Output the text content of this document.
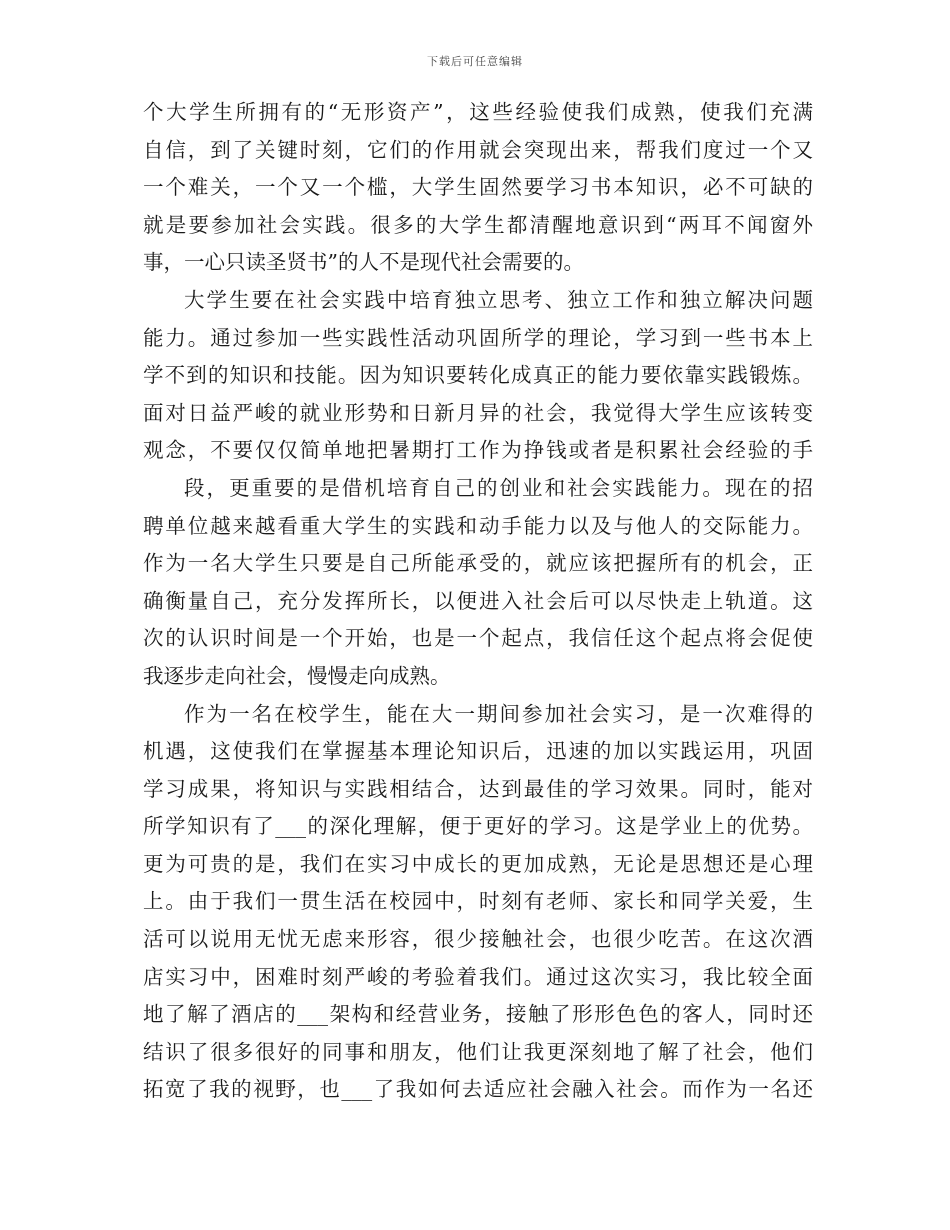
下载后可任意编辑
个大学生所拥有的“无形资产”，这些经验使我们成熟，使我们充满
自信，到了关键时刻，它们的作用就会突现出来，帮我们度过一个又
一个难关，一个又一个槛，大学生固然要学习书本知识，必不可缺的
就是要参加社会实践。很多的大学生都清醒地意识到“两耳不闻窗外
事，一心只读圣贤书”的人不是现代社会需要的。
大学生要在社会实践中培育独立思考、独立工作和独立解决问题
能力。通过参加一些实践性活动巩固所学的理论，学习到一些书本上
学不到的知识和技能。因为知识要转化成真正的能力要依靠实践锻炼。
面对日益严峻的就业形势和日新月异的社会，我觉得大学生应该转变
观念，不要仅仅简单地把暑期打工作为挣钱或者是积累社会经验的手
段，更重要的是借机培育自己的创业和社会实践能力。现在的招
聘单位越来越看重大学生的实践和动手能力以及与他人的交际能力。
作为一名大学生只要是自己所能承受的，就应该把握所有的机会，正
确衡量自己，充分发挥所长，以便进入社会后可以尽快走上轨道。这
次的认识时间是一个开始，也是一个起点，我信任这个起点将会促使
我逐步走向社会，慢慢走向成熟。
作为一名在校学生，能在大一期间参加社会实习，是一次难得的
机遇，这使我们在掌握基本理论知识后，迅速的加以实践运用，巩固
学习成果，将知识与实践相结合，达到最佳的学习效果。同时，能对
所学知识有了___的深化理解，便于更好的学习。这是学业上的优势。
更为可贵的是，我们在实习中成长的更加成熟，无论是思想还是心理
上。由于我们一贯生活在校园中，时刻有老师、家长和同学关爱，生
活可以说用无忧无虑来形容，很少接触社会，也很少吃苦。在这次酒
店实习中，困难时刻严峻的考验着我们。通过这次实习，我比较全面
地了解了酒店的___架构和经营业务，接触了形形色色的客人，同时还
结识了很多很好的同事和朋友，他们让我更深刻地了解了社会，他们
拓宽了我的视野，也___了我如何去适应社会融入社会。而作为一名还
